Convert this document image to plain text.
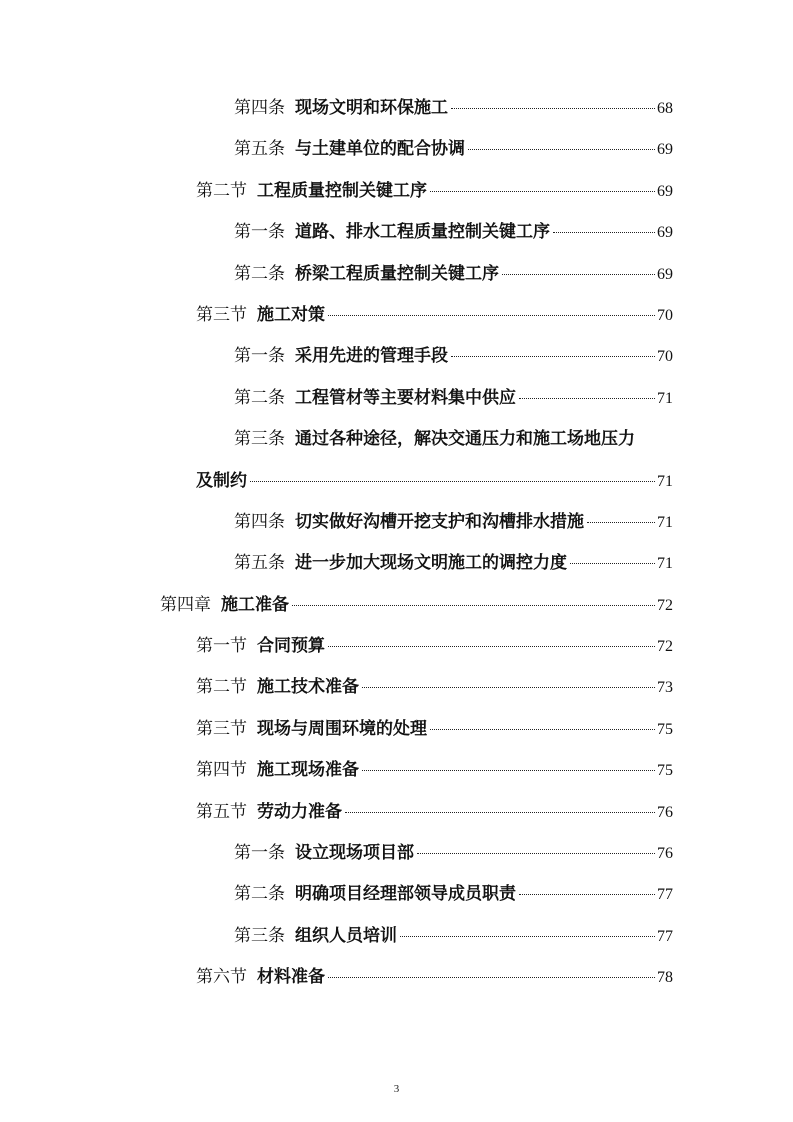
第四条 现场文明和环保施工	68
第五条 与土建单位的配合协调	69
第二节 工程质量控制关键工序	69
第一条 道路、排水工程质量控制关键工序	69
第二条 桥梁工程质量控制关键工序	69
第三节 施工对策	70
第一条 采用先进的管理手段	70
第二条 工程管材等主要材料集中供应	71
第三条 通过各种途径，解决交通压力和施工场地压力
及制约	71
第四条 切实做好沟槽开挖支护和沟槽排水措施	71
第五条 进一步加大现场文明施工的调控力度	71
第四章 施工准备	72
第一节 合同预算	72
第二节 施工技术准备	73
第三节 现场与周围环境的处理	75
第四节 施工现场准备	75
第五节 劳动力准备	76
第一条 设立现场项目部	76
第二条 明确项目经理部领导成员职责	77
第三条 组织人员培训	77
第六节 材料准备	78
3
